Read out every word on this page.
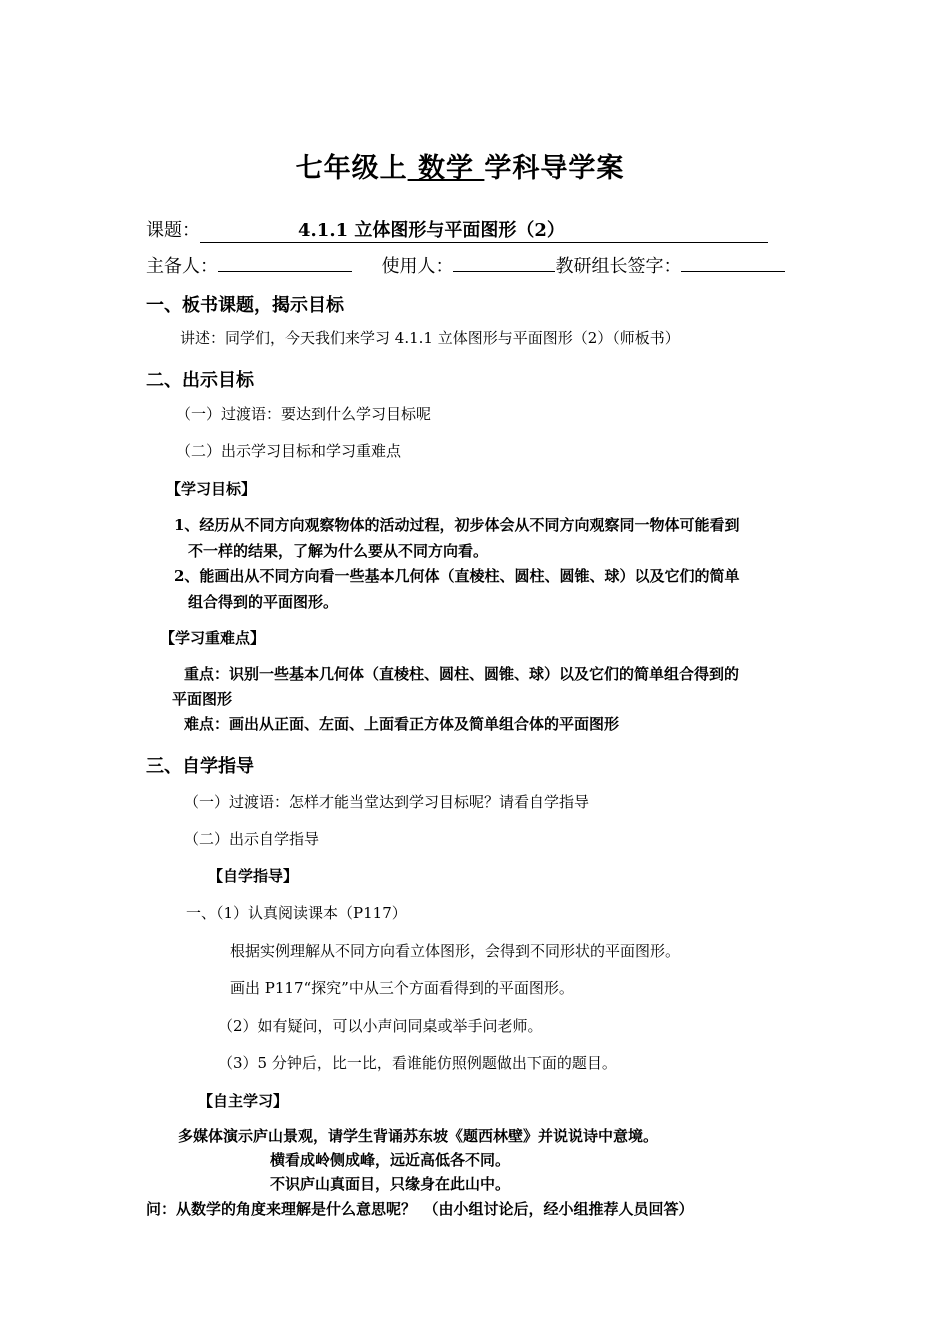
七年级上 数学 学科导学案
课题：	4.1.1 立体图形与平面图形（2）
主备人：	使用人：	教研组长签字：
一、板书课题，揭示目标
讲述：同学们，今天我们来学习 4.1.1 立体图形与平面图形（2）（师板书）
二、出示目标
（一）过渡语：要达到什么学习目标呢
（二）出示学习目标和学习重难点
【学习目标】
1、经历从不同方向观察物体的活动过程，初步体会从不同方向观察同一物体可能看到
不一样的结果，了解为什么要从不同方向看。
2、能画出从不同方向看一些基本几何体（直棱柱、圆柱、圆锥、球）以及它们的简单
组合得到的平面图形。
【学习重难点】
重点：识别一些基本几何体（直棱柱、圆柱、圆锥、球）以及它们的简单组合得到的
平面图形
难点：画出从正面、左面、上面看正方体及简单组合体的平面图形
三、自学指导
（一）过渡语：怎样才能当堂达到学习目标呢？请看自学指导
（二）出示自学指导
【自学指导】
一、（1）认真阅读课本（P117）
根据实例理解从不同方向看立体图形，会得到不同形状的平面图形。
画出 P117“探究”中从三个方面看得到的平面图形。
（2）如有疑问，可以小声问同桌或举手问老师。
（3）5 分钟后，比一比，看谁能仿照例题做出下面的题目。
【自主学习】
多媒体演示庐山景观，请学生背诵苏东坡《题西林壁》并说说诗中意境。
横看成岭侧成峰，远近高低各不同。
不识庐山真面目，只缘身在此山中。
问：从数学的角度来理解是什么意思呢？　（由小组讨论后，经小组推荐人员回答）
